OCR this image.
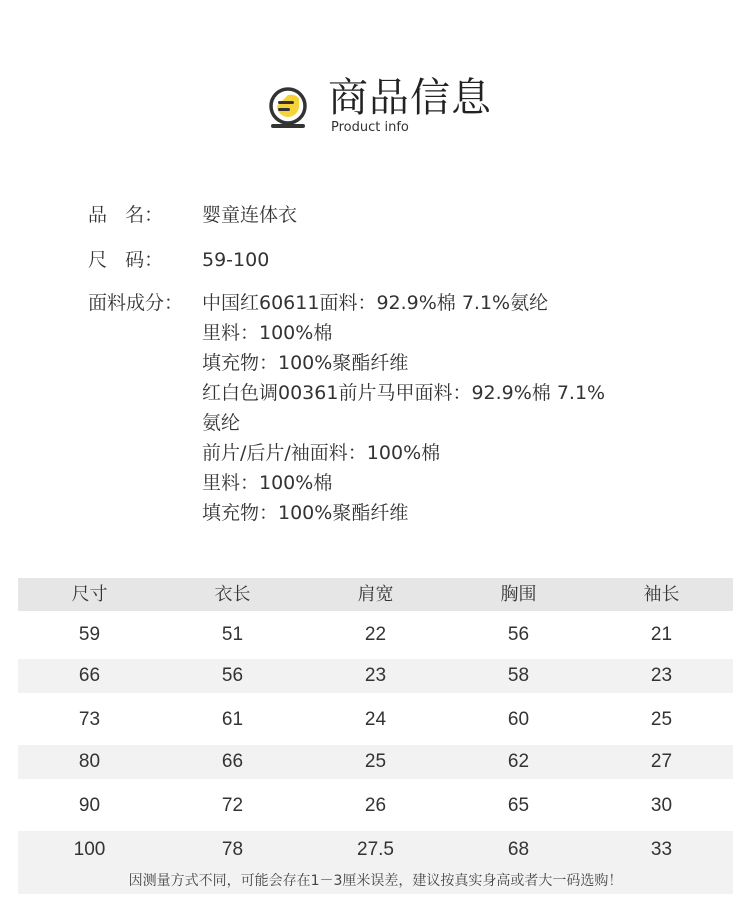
商品信息
Product info
品   名： 婴童连体衣
尺   码： 59-100
面料成分： 中国红60611面料：92.9%棉 7.1%氨纶
里料：100%棉
填充物：100%聚酯纤维
红白色调00361前片马甲面料：92.9%棉 7.1%
氨纶
前片/后片/袖面料：100%棉
里料：100%棉
填充物：100%聚酯纤维
尺寸	衣长	肩宽	胸围	袖长
59	51	22	56	21
66	56	23	58	23
73	61	24	60	25
80	66	25	62	27
90	72	26	65	30
100	78	27.5	68	33
因测量方式不同，可能会存在1－3厘米误差，建议按真实身高或者大一码选购！
